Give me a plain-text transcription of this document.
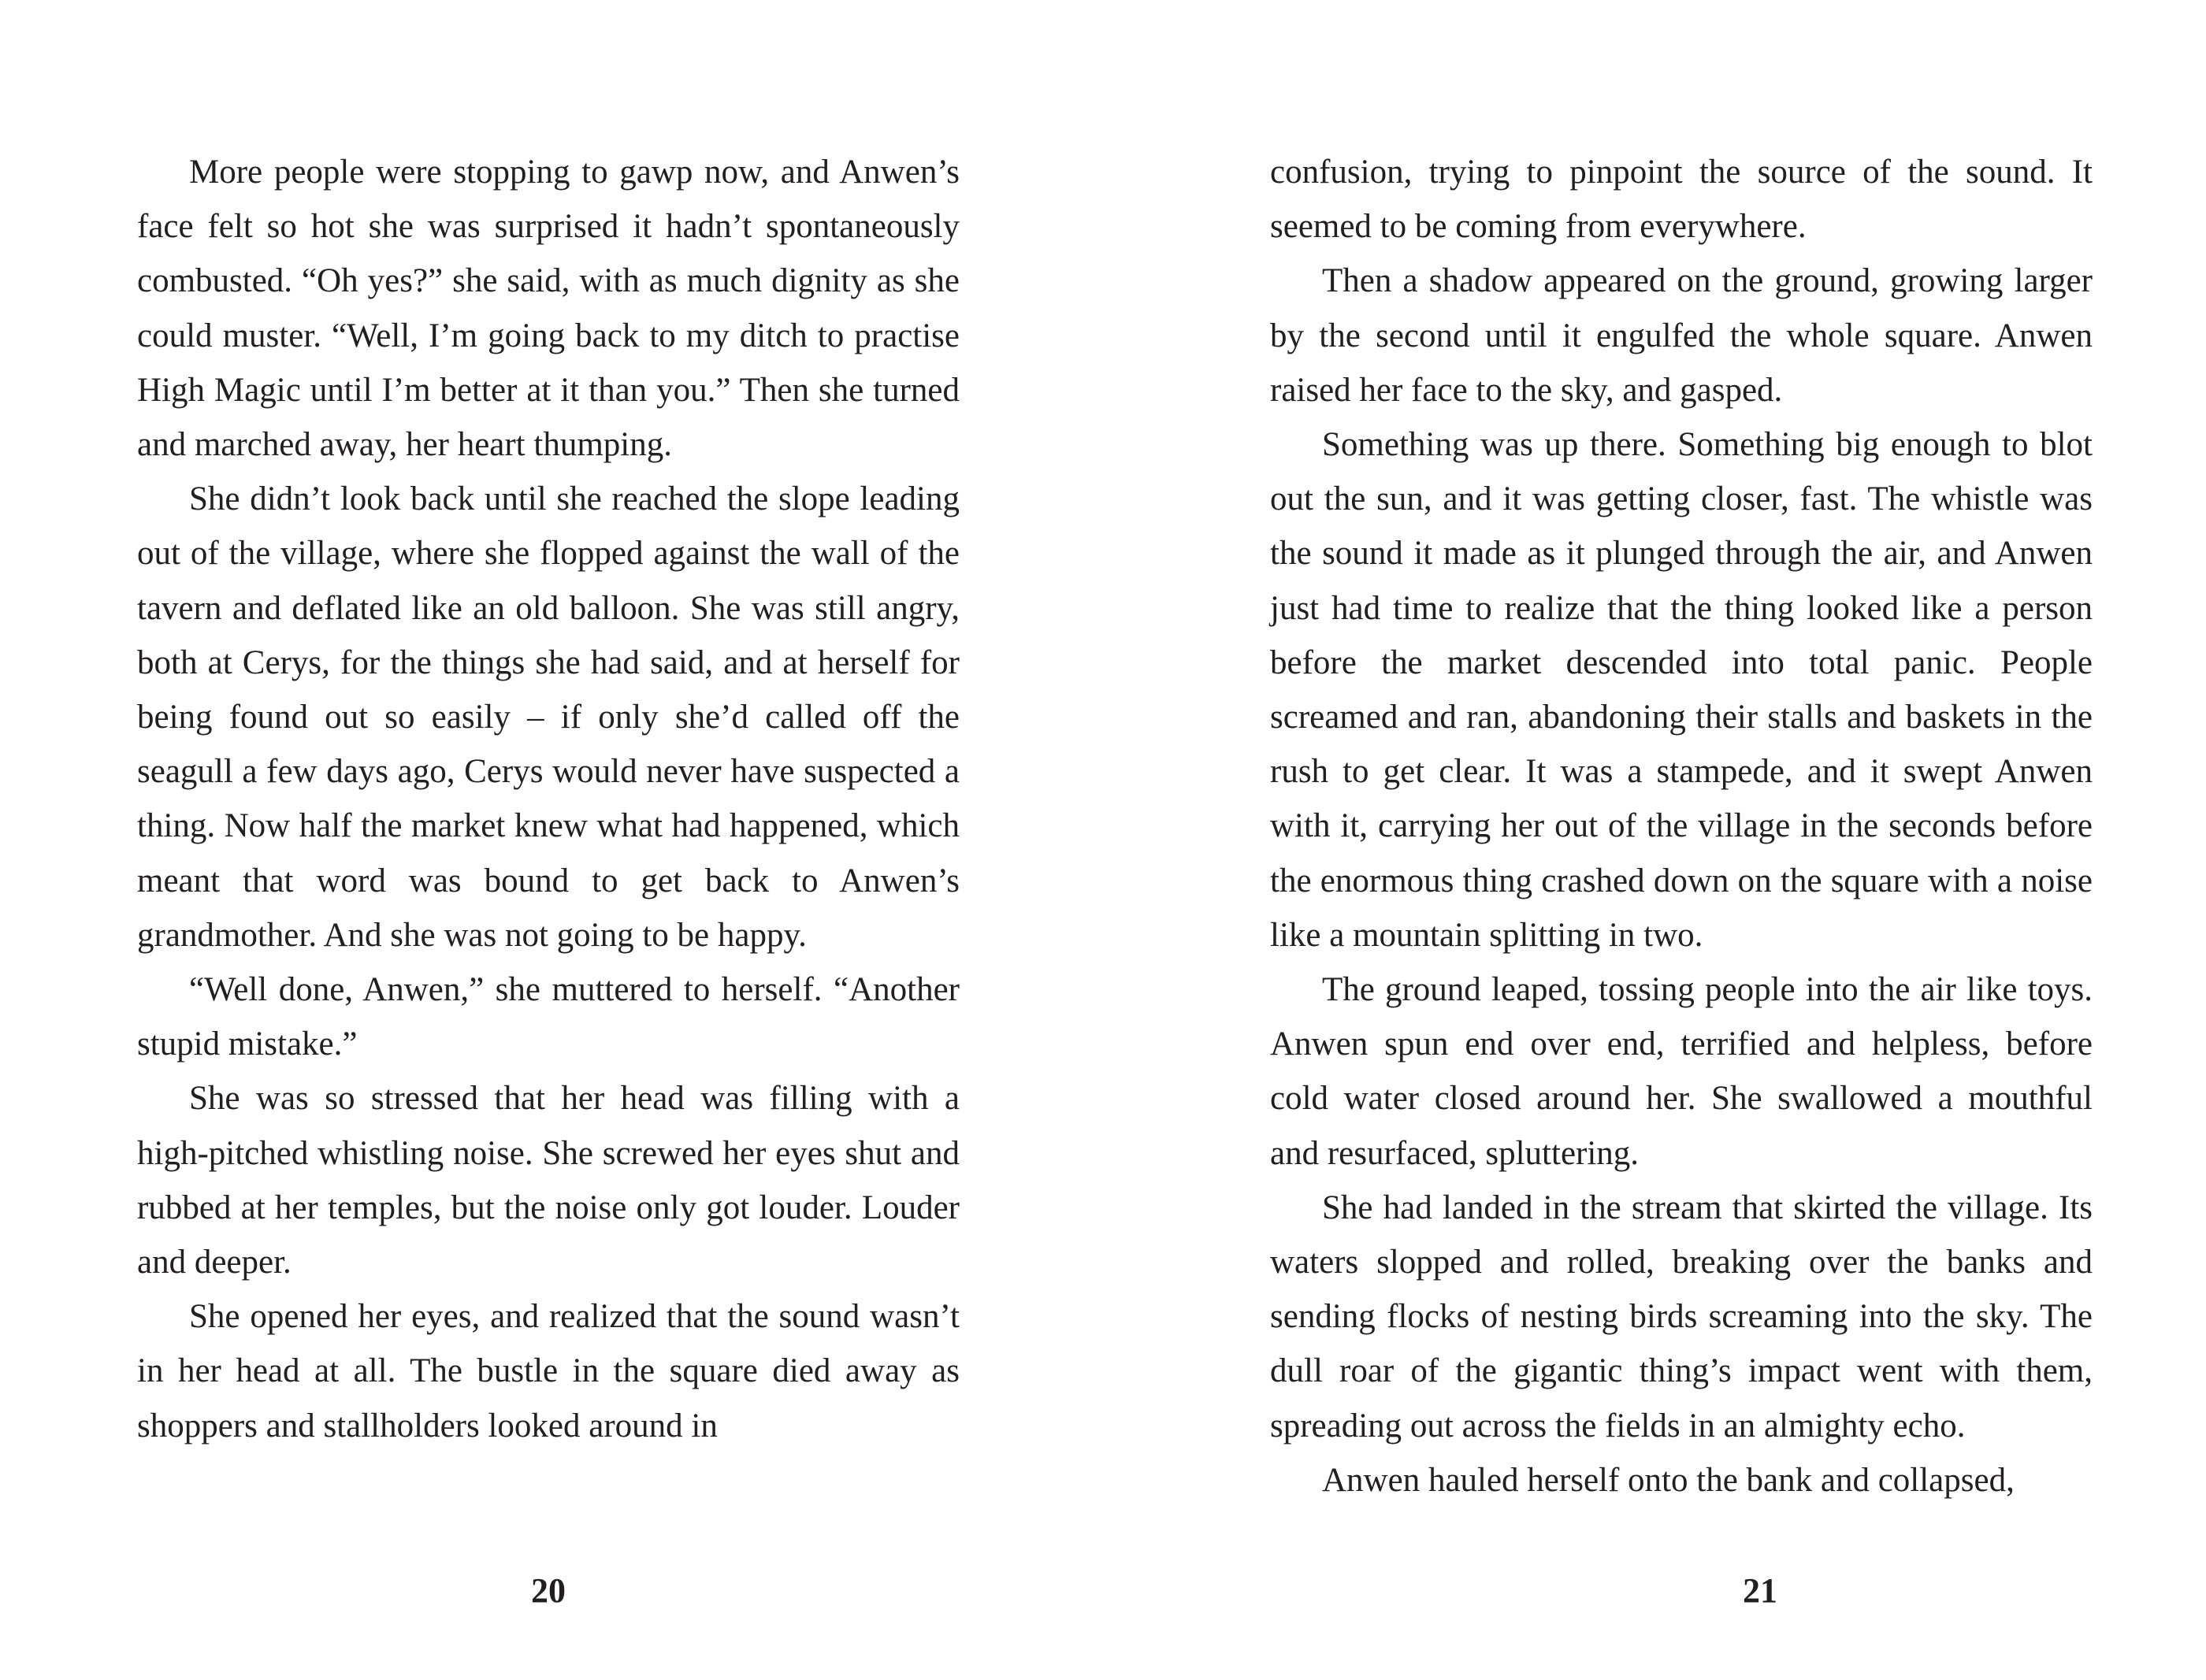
More people were stopping to gawp now, and Anwen’s face felt so hot she was surprised it hadn’t spontaneously combusted. “Oh yes?” she said, with as much dignity as she could muster. “Well, I’m going back to my ditch to practise High Magic until I’m better at it than you.” Then she turned and marched away, her heart thumping.

She didn’t look back until she reached the slope leading out of the village, where she flopped against the wall of the tavern and deflated like an old balloon. She was still angry, both at Cerys, for the things she had said, and at herself for being found out so easily – if only she’d called off the seagull a few days ago, Cerys would never have suspected a thing. Now half the market knew what had happened, which meant that word was bound to get back to Anwen’s grandmother. And she was not going to be happy.

“Well done, Anwen,” she muttered to herself. “Another stupid mistake.”

She was so stressed that her head was filling with a high-pitched whistling noise. She screwed her eyes shut and rubbed at her temples, but the noise only got louder. Louder and deeper.

She opened her eyes, and realized that the sound wasn’t in her head at all. The bustle in the square died away as shoppers and stallholders looked around in

20

confusion, trying to pinpoint the source of the sound. It seemed to be coming from everywhere.

Then a shadow appeared on the ground, growing larger by the second until it engulfed the whole square. Anwen raised her face to the sky, and gasped.

Something was up there. Something big enough to blot out the sun, and it was getting closer, fast. The whistle was the sound it made as it plunged through the air, and Anwen just had time to realize that the thing looked like a person before the market descended into total panic. People screamed and ran, abandoning their stalls and baskets in the rush to get clear. It was a stampede, and it swept Anwen with it, carrying her out of the village in the seconds before the enormous thing crashed down on the square with a noise like a mountain splitting in two.

The ground leaped, tossing people into the air like toys. Anwen spun end over end, terrified and helpless, before cold water closed around her. She swallowed a mouthful and resurfaced, spluttering.

She had landed in the stream that skirted the village. Its waters slopped and rolled, breaking over the banks and sending flocks of nesting birds screaming into the sky. The dull roar of the gigantic thing’s impact went with them, spreading out across the fields in an almighty echo.

Anwen hauled herself onto the bank and collapsed,

21
